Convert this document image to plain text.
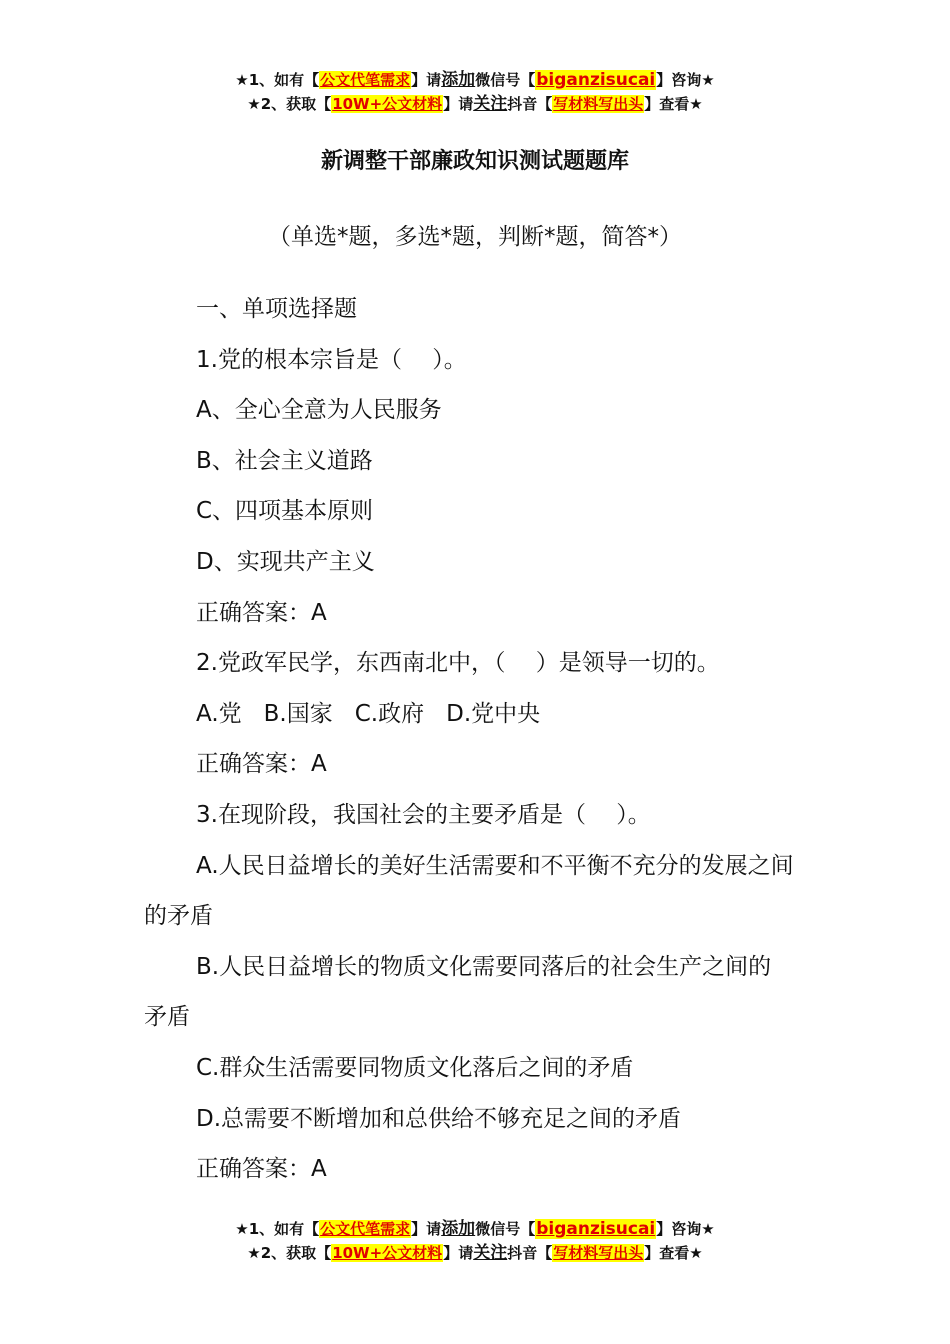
★1、如有【公文代笔需求】请添加微信号【biganzisucai】咨询★
★2、获取【10W+公文材料】请关注抖音【写材料写出头】查看★
新调整干部廉政知识测试题题库
（单选*题，多选*题，判断*题，简答*）

一、单项选择题

1.党的根本宗旨是（　 ）。

A、全心全意为人民服务

B、社会主义道路

C、四项基本原则

D、实现共产主义

正确答案：A

2.党政军民学，东西南北中，（　 ）是领导一切的。

A.党 B.国家 C.政府 D.党中央

正确答案：A

3.在现阶段，我国社会的主要矛盾是（　 ）。

A.人民日益增长的美好生活需要和不平衡不充分的发展之间的矛盾

B.人民日益增长的物质文化需要同落后的社会生产之间的矛盾

C.群众生活需要同物质文化落后之间的矛盾

D.总需要不断增加和总供给不够充足之间的矛盾

正确答案：A

★1、如有【公文代笔需求】请添加微信号【biganzisucai】咨询★
★2、获取【10W+公文材料】请关注抖音【写材料写出头】查看★
